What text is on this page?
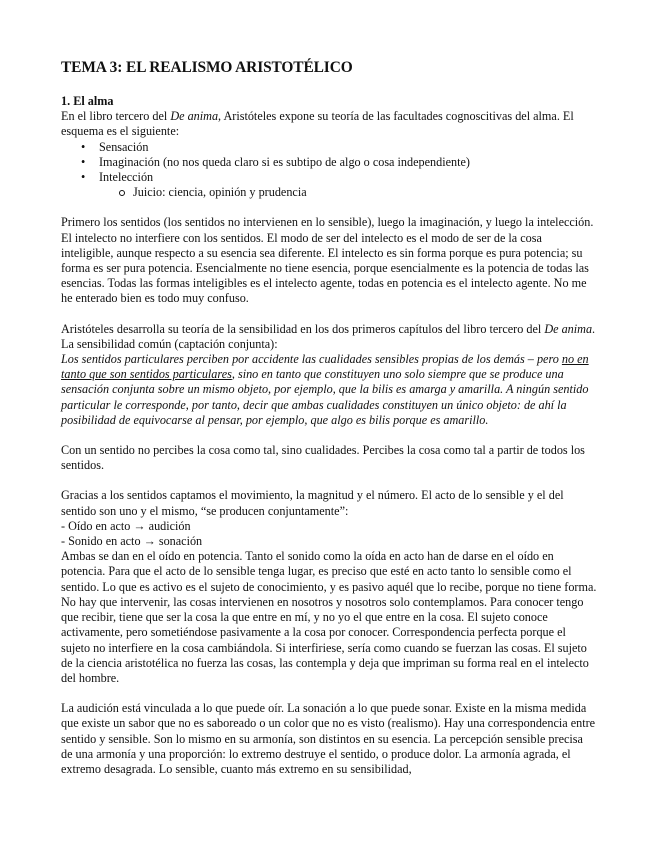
TEMA 3: EL REALISMO ARISTOTÉLICO
1. El alma

En el libro tercero del De anima, Aristóteles expone su teoría de las facultades cognoscitivas del alma. El esquema es el siguiente:

• Sensación
• Imaginación (no nos queda claro si es subtipo de algo o cosa independiente)
• Intelección
Juicio: ciencia, opinión y prudencia

Primero los sentidos (los sentidos no intervienen en lo sensible), luego la imaginación, y luego la intelección. El intelecto no interfiere con los sentidos. El modo de ser del intelecto es el modo de ser de la cosa inteligible, aunque respecto a su esencia sea diferente. El intelecto es sin forma porque es pura potencia; su forma es ser pura potencia. Esencialmente no tiene esencia, porque esencialmente es la potencia de todas las esencias. Todas las formas inteligibles es el intelecto agente, todas en potencia es el intelecto agente. No me he enterado bien es todo muy confuso.

Aristóteles desarrolla su teoría de la sensibilidad en los dos primeros capítulos del libro tercero del De anima. La sensibilidad común (captación conjunta):

Los sentidos particulares perciben por accidente las cualidades sensibles propias de los demás – pero no en tanto que son sentidos particulares, sino en tanto que constituyen uno solo siempre que se produce una sensación conjunta sobre un mismo objeto, por ejemplo, que la bilis es amarga y amarilla. A ningún sentido particular le corresponde, por tanto, decir que ambas cualidades constituyen un único objeto: de ahí la posibilidad de equivocarse al pensar, por ejemplo, que algo es bilis porque es amarillo.

Con un sentido no percibes la cosa como tal, sino cualidades. Percibes la cosa como tal a partir de todos los sentidos.

Gracias a los sentidos captamos el movimiento, la magnitud y el número. El acto de lo sensible y el del sentido son uno y el mismo, “se producen conjuntamente”:

- Oído en acto → audición

- Sonido en acto → sonación

Ambas se dan en el oído en potencia. Tanto el sonido como la oída en acto han de darse en el oído en potencia. Para que el acto de lo sensible tenga lugar, es preciso que esté en acto tanto lo sensible como el sentido. Lo que es activo es el sujeto de conocimiento, y es pasivo aquél que lo recibe, porque no tiene forma. No hay que intervenir, las cosas intervienen en nosotros y nosotros solo contemplamos. Para conocer tengo que recibir, tiene que ser la cosa la que entre en mí, y no yo el que entre en la cosa. El sujeto conoce activamente, pero sometiéndose pasivamente a la cosa por conocer. Correspondencia perfecta porque el sujeto no interfiere en la cosa cambiándola. Si interfiriese, sería como cuando se fuerzan las cosas. El sujeto de la ciencia aristotélica no fuerza las cosas, las contempla y deja que impriman su forma real en el intelecto del hombre.

La audición está vinculada a lo que puede oír. La sonación a lo que puede sonar. Existe en la misma medida que existe un sabor que no es saboreado o un color que no es visto (realismo). Hay una correspondencia entre sentido y sensible. Son lo mismo en su armonía, son distintos en su esencia. La percepción sensible precisa de una armonía y una proporción: lo extremo destruye el sentido, o produce dolor. La armonía agrada, el extremo desagrada. Lo sensible, cuanto más extremo en su sensibilidad,
